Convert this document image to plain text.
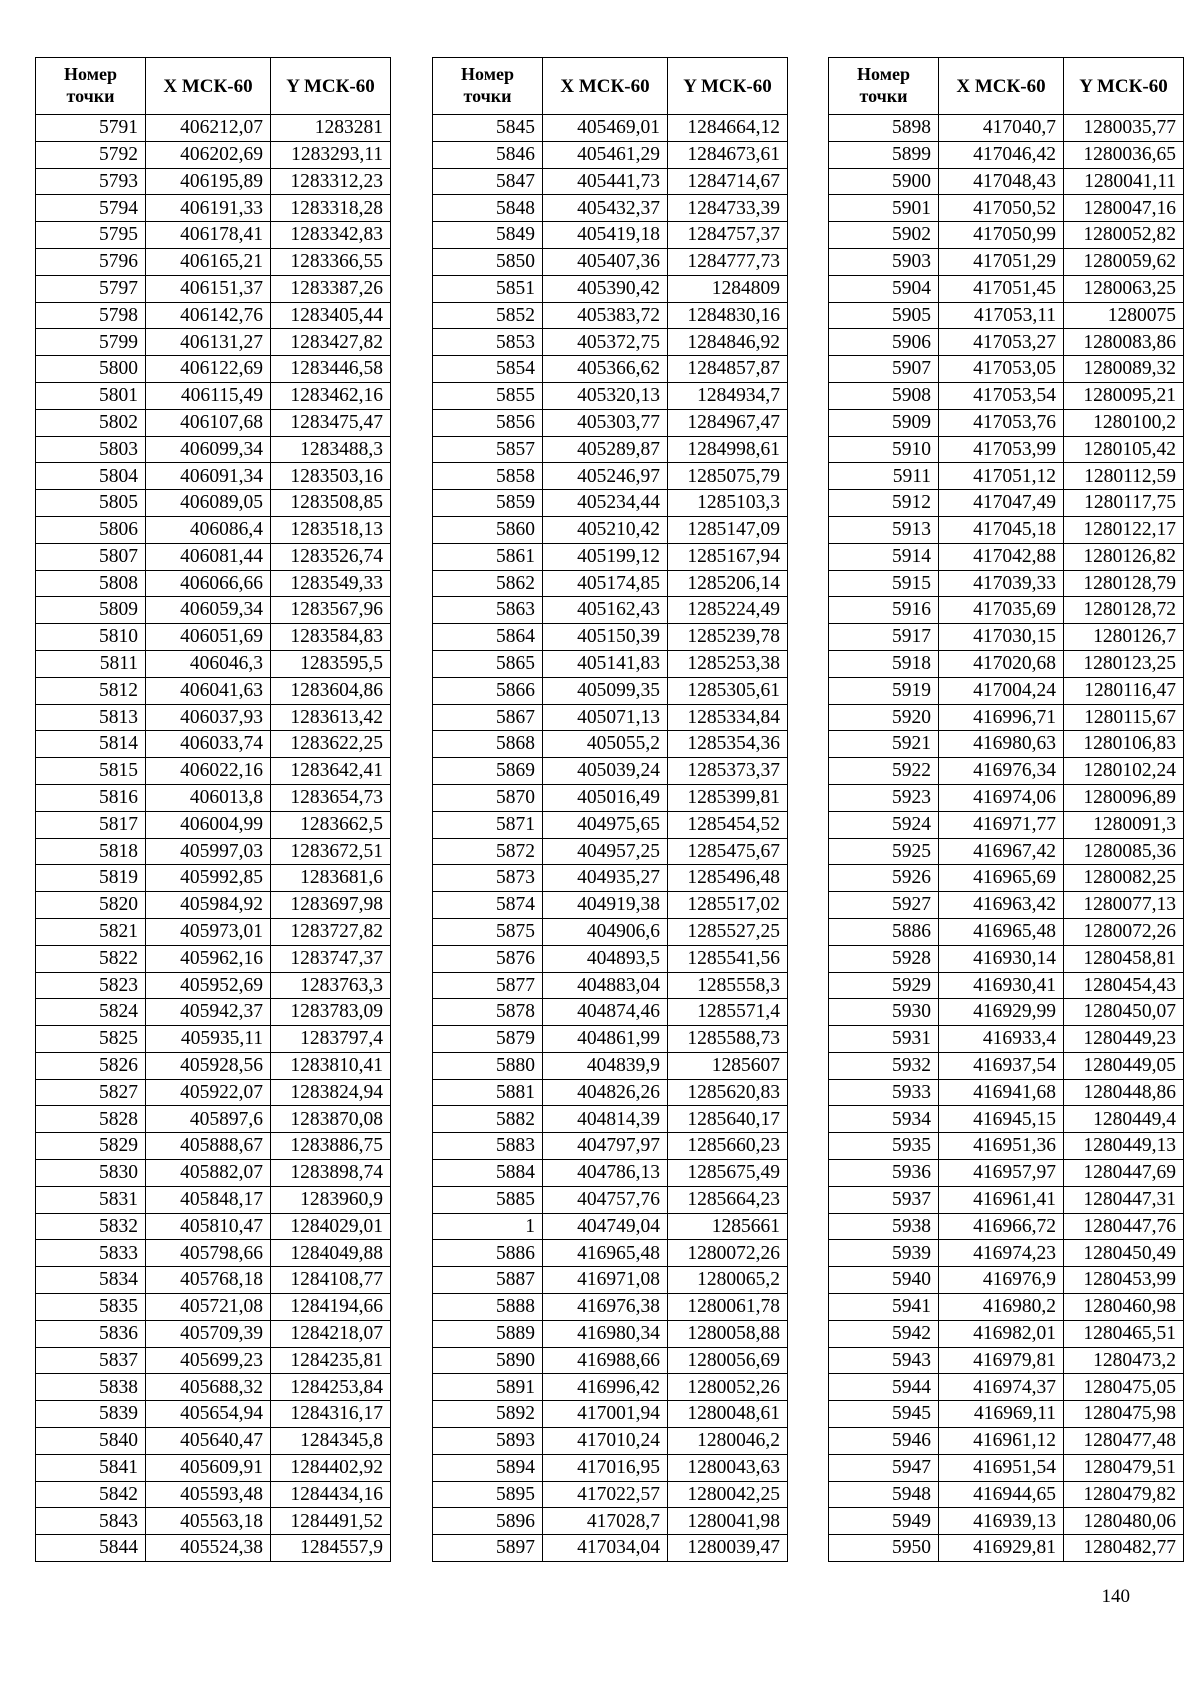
Номер точки	X МСК-60	Y МСК-60
5791	406212,07	1283281
5792	406202,69	1283293,11
5793	406195,89	1283312,23
5794	406191,33	1283318,28
5795	406178,41	1283342,83
5796	406165,21	1283366,55
5797	406151,37	1283387,26
5798	406142,76	1283405,44
5799	406131,27	1283427,82
5800	406122,69	1283446,58
5801	406115,49	1283462,16
5802	406107,68	1283475,47
5803	406099,34	1283488,3
5804	406091,34	1283503,16
5805	406089,05	1283508,85
5806	406086,4	1283518,13
5807	406081,44	1283526,74
5808	406066,66	1283549,33
5809	406059,34	1283567,96
5810	406051,69	1283584,83
5811	406046,3	1283595,5
5812	406041,63	1283604,86
5813	406037,93	1283613,42
5814	406033,74	1283622,25
5815	406022,16	1283642,41
5816	406013,8	1283654,73
5817	406004,99	1283662,5
5818	405997,03	1283672,51
5819	405992,85	1283681,6
5820	405984,92	1283697,98
5821	405973,01	1283727,82
5822	405962,16	1283747,37
5823	405952,69	1283763,3
5824	405942,37	1283783,09
5825	405935,11	1283797,4
5826	405928,56	1283810,41
5827	405922,07	1283824,94
5828	405897,6	1283870,08
5829	405888,67	1283886,75
5830	405882,07	1283898,74
5831	405848,17	1283960,9
5832	405810,47	1284029,01
5833	405798,66	1284049,88
5834	405768,18	1284108,77
5835	405721,08	1284194,66
5836	405709,39	1284218,07
5837	405699,23	1284235,81
5838	405688,32	1284253,84
5839	405654,94	1284316,17
5840	405640,47	1284345,8
5841	405609,91	1284402,92
5842	405593,48	1284434,16
5843	405563,18	1284491,52
5844	405524,38	1284557,9
Номер точки	X МСК-60	Y МСК-60
5845	405469,01	1284664,12
5846	405461,29	1284673,61
5847	405441,73	1284714,67
5848	405432,37	1284733,39
5849	405419,18	1284757,37
5850	405407,36	1284777,73
5851	405390,42	1284809
5852	405383,72	1284830,16
5853	405372,75	1284846,92
5854	405366,62	1284857,87
5855	405320,13	1284934,7
5856	405303,77	1284967,47
5857	405289,87	1284998,61
5858	405246,97	1285075,79
5859	405234,44	1285103,3
5860	405210,42	1285147,09
5861	405199,12	1285167,94
5862	405174,85	1285206,14
5863	405162,43	1285224,49
5864	405150,39	1285239,78
5865	405141,83	1285253,38
5866	405099,35	1285305,61
5867	405071,13	1285334,84
5868	405055,2	1285354,36
5869	405039,24	1285373,37
5870	405016,49	1285399,81
5871	404975,65	1285454,52
5872	404957,25	1285475,67
5873	404935,27	1285496,48
5874	404919,38	1285517,02
5875	404906,6	1285527,25
5876	404893,5	1285541,56
5877	404883,04	1285558,3
5878	404874,46	1285571,4
5879	404861,99	1285588,73
5880	404839,9	1285607
5881	404826,26	1285620,83
5882	404814,39	1285640,17
5883	404797,97	1285660,23
5884	404786,13	1285675,49
5885	404757,76	1285664,23
1	404749,04	1285661
5886	416965,48	1280072,26
5887	416971,08	1280065,2
5888	416976,38	1280061,78
5889	416980,34	1280058,88
5890	416988,66	1280056,69
5891	416996,42	1280052,26
5892	417001,94	1280048,61
5893	417010,24	1280046,2
5894	417016,95	1280043,63
5895	417022,57	1280042,25
5896	417028,7	1280041,98
5897	417034,04	1280039,47
Номер точки	X МСК-60	Y МСК-60
5898	417040,7	1280035,77
5899	417046,42	1280036,65
5900	417048,43	1280041,11
5901	417050,52	1280047,16
5902	417050,99	1280052,82
5903	417051,29	1280059,62
5904	417051,45	1280063,25
5905	417053,11	1280075
5906	417053,27	1280083,86
5907	417053,05	1280089,32
5908	417053,54	1280095,21
5909	417053,76	1280100,2
5910	417053,99	1280105,42
5911	417051,12	1280112,59
5912	417047,49	1280117,75
5913	417045,18	1280122,17
5914	417042,88	1280126,82
5915	417039,33	1280128,79
5916	417035,69	1280128,72
5917	417030,15	1280126,7
5918	417020,68	1280123,25
5919	417004,24	1280116,47
5920	416996,71	1280115,67
5921	416980,63	1280106,83
5922	416976,34	1280102,24
5923	416974,06	1280096,89
5924	416971,77	1280091,3
5925	416967,42	1280085,36
5926	416965,69	1280082,25
5927	416963,42	1280077,13
5886	416965,48	1280072,26
5928	416930,14	1280458,81
5929	416930,41	1280454,43
5930	416929,99	1280450,07
5931	416933,4	1280449,23
5932	416937,54	1280449,05
5933	416941,68	1280448,86
5934	416945,15	1280449,4
5935	416951,36	1280449,13
5936	416957,97	1280447,69
5937	416961,41	1280447,31
5938	416966,72	1280447,76
5939	416974,23	1280450,49
5940	416976,9	1280453,99
5941	416980,2	1280460,98
5942	416982,01	1280465,51
5943	416979,81	1280473,2
5944	416974,37	1280475,05
5945	416969,11	1280475,98
5946	416961,12	1280477,48
5947	416951,54	1280479,51
5948	416944,65	1280479,82
5949	416939,13	1280480,06
5950	416929,81	1280482,77
140
